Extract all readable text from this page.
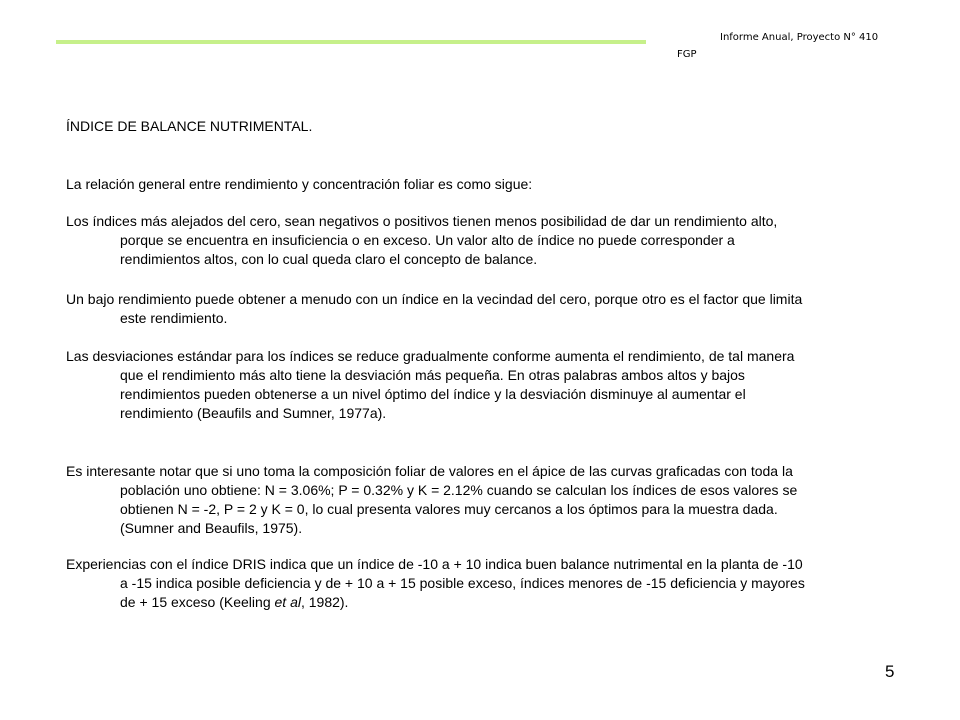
Informe Anual, Proyecto N° 410
FGP
ÍNDICE DE BALANCE NUTRIMENTAL.
La relación general entre rendimiento y concentración foliar es como sigue:
Los índices más alejados del cero, sean negativos o positivos tienen menos posibilidad de dar un rendimiento alto,
porque se encuentra en insuficiencia o en exceso. Un valor alto de índice no puede corresponder a
rendimientos altos, con lo cual queda claro el concepto de balance.
Un bajo rendimiento puede obtener a menudo con un índice en la vecindad del cero, porque otro es el factor que limita
este rendimiento.
Las desviaciones estándar para los índices se reduce gradualmente conforme aumenta el rendimiento, de tal manera
que el rendimiento más alto tiene la desviación más pequeña. En otras palabras ambos altos y bajos
rendimientos pueden obtenerse a un nivel óptimo del índice y la desviación disminuye al aumentar el
rendimiento (Beaufils and Sumner, 1977a).
Es interesante notar que si uno toma la composición foliar de valores en el ápice de las curvas graficadas con toda la
población uno obtiene: N = 3.06%; P = 0.32% y K = 2.12% cuando se calculan los índices de esos valores se
obtienen N = -2, P = 2 y K = 0, lo cual presenta valores muy cercanos a los óptimos para la muestra dada.
(Sumner and Beaufils, 1975).
Experiencias con el índice DRIS indica que un índice de -10 a + 10 indica buen balance nutrimental en la planta de -10
a -15 indica posible deficiencia y de + 10 a + 15 posible exceso, índices menores de -15 deficiencia y mayores
de + 15 exceso (Keeling et al, 1982).
5
